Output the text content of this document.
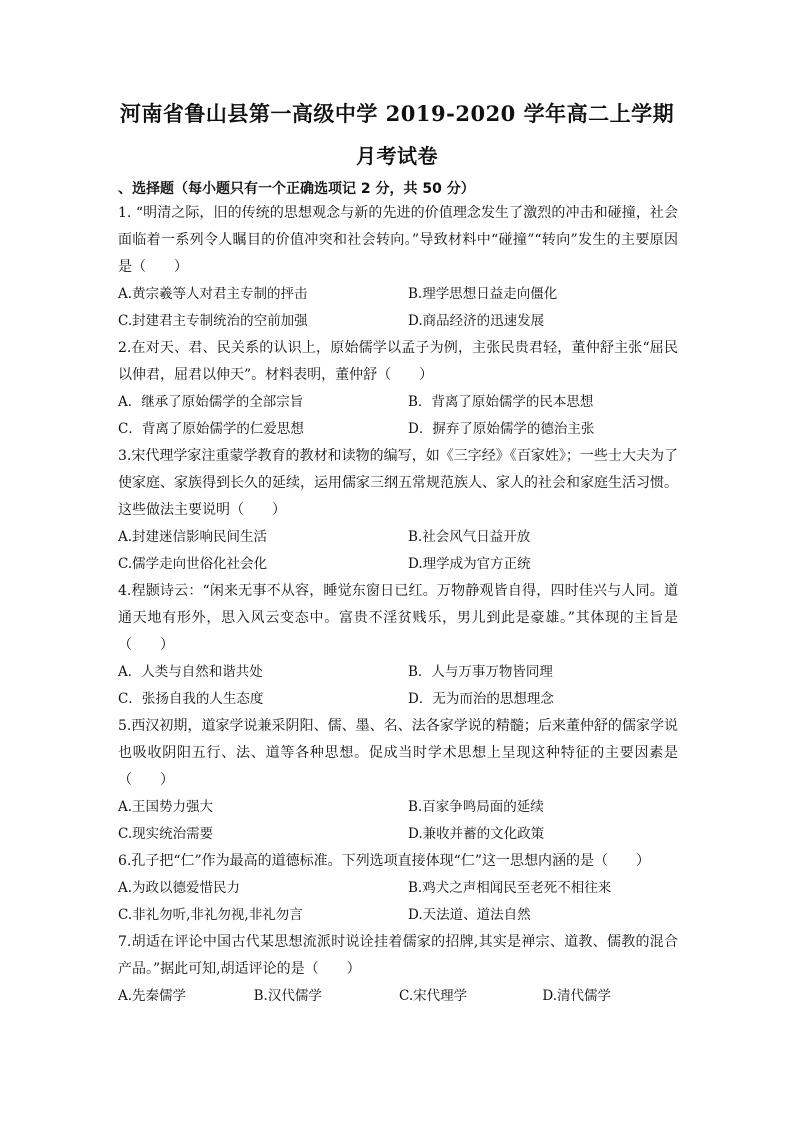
河南省鲁山县第一高级中学 2019-2020 学年高二上学期
月考试卷
、选择题（每小题只有一个正确选项记 2 分，共 50 分）

1. “明清之际，旧的传统的思想观念与新的先进的价值理念发生了激烈的冲击和碰撞，社会面临着一系列令人瞩目的价值冲突和社会转向。”导致材料中“碰撞”“转向”发生的主要原因是（　　）

A.黄宗羲等人对君主专制的抨击	B.理学思想日益走向僵化
C.封建君主专制统治的空前加强	D.商品经济的迅速发展

2.在对天、君、民关系的认识上，原始儒学以孟子为例，主张民贵君轻，董仲舒主张“屈民以伸君，屈君以伸天”。材料表明，董仲舒（　　）

A．继承了原始儒学的全部宗旨	B．背离了原始儒学的民本思想
C．背离了原始儒学的仁爱思想	D．摒弃了原始儒学的德治主张

3.宋代理学家注重蒙学教育的教材和读物的编写，如《三字经》《百家姓》；一些士大夫为了使家庭、家族得到长久的延续，运用儒家三纲五常规范族人、家人的社会和家庭生活习惯。这些做法主要说明（　　）

A.封建迷信影响民间生活	B.社会风气日益开放
C.儒学走向世俗化社会化	D.理学成为官方正统

4.程颢诗云：“闲来无事不从容，睡觉东窗日已红。万物静观皆自得，四时佳兴与人同。道通天地有形外，思入风云变态中。富贵不淫贫贱乐，男儿到此是豪雄。”其体现的主旨是（　　）

A．人类与自然和谐共处	B．人与万事万物皆同理
C．张扬自我的人生态度	D．无为而治的思想理念

5.西汉初期，道家学说兼采阴阳、儒、墨、名、法各家学说的精髓；后来董仲舒的儒家学说也吸收阴阳五行、法、道等各种思想。促成当时学术思想上呈现这种特征的主要因素是（　　）

A.王国势力强大	B.百家争鸣局面的延续
C.现实统治需要	D.兼收并蓄的文化政策

6.孔子把“仁”作为最高的道德标准。下列选项直接体现“仁”这一思想内涵的是（　　）

A.为政以德爱惜民力	B.鸡犬之声相闻民至老死不相往来
C.非礼勿听,非礼勿视,非礼勿言	D.天法道、道法自然

7.胡适在评论中国古代某思想流派时说诠挂着儒家的招牌,其实是禅宗、道教、儒教的混合产品。”据此可知,胡适评论的是（　　）

A.先秦儒学	B.汉代儒学	C.宋代理学	D.清代儒学
